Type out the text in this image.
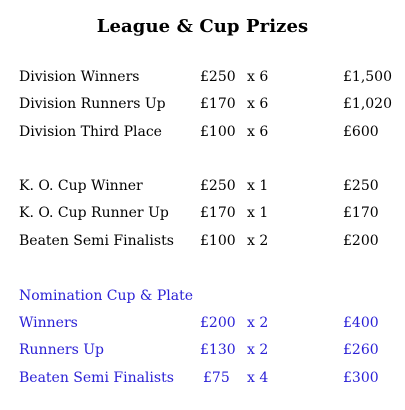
League & Cup Prizes
Division Winners	£250 x 6	£1,500
Division Runners Up £170 x 6	£1,020
Division Third Place	£100 x 6	£600
K. O. Cup Winner	£250 x 1	£250
K. O. Cup Runner Up £170 x 1	£170
Beaten Semi Finalists £100 x 2	£200
Nomination Cup & Plate
Winners	£200 x 2	£400
Runners Up	£130 x 2	£260
Beaten Semi Finalists £75 x 4	£300
